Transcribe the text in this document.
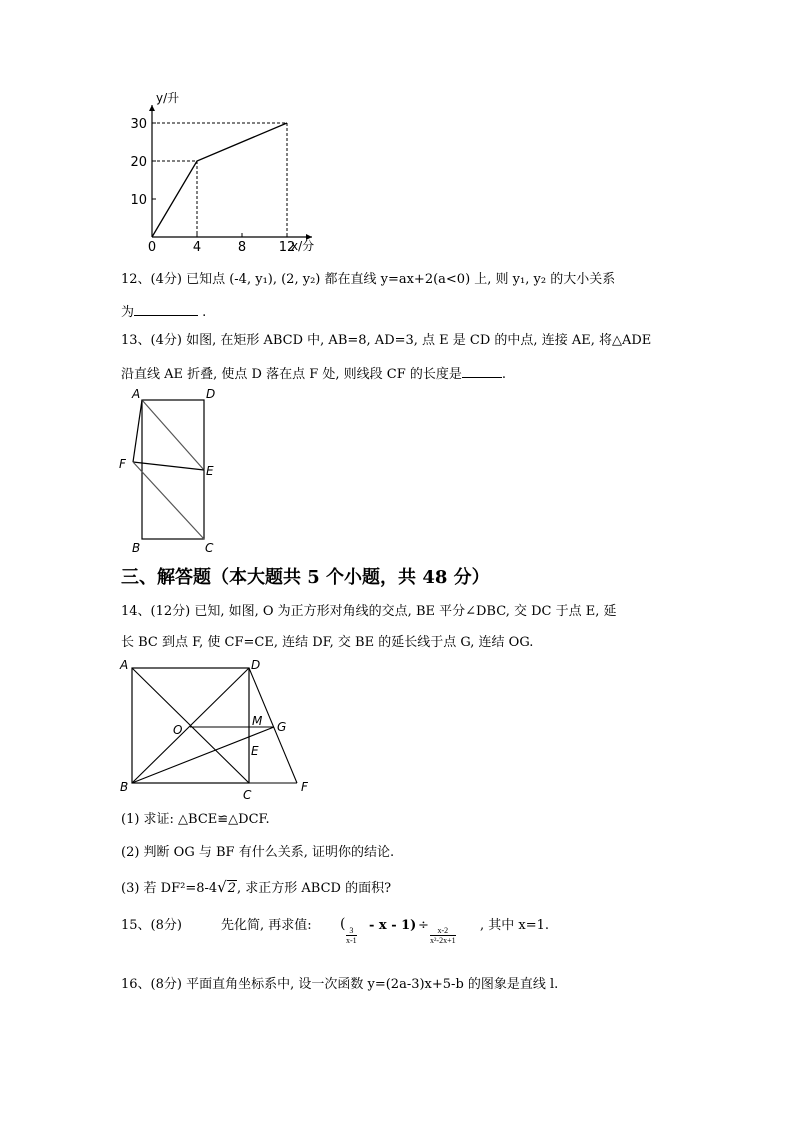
x/分
y/升
0	4	8	12
10
20
30
12、(4分) 已知点 (-4, y₁), (2, y₂) 都在直线 y=ax+2(a<0) 上, 则 y₁, y₂ 的大小关系
为	.
13、(4分) 如图, 在矩形 ABCD 中, AB=8, AD=3, 点 E 是 CD 的中点, 连接 AE, 将△ADE
沿直线 AE 折叠, 使点 D 落在点 F 处, 则线段 CF 的长度是	.
A	D
F	E
B	C
三、解答题（本大题共 5 个小题，共 48 分）
14、(12分) 已知, 如图, O 为正方形对角线的交点, BE 平分∠DBC, 交 DC 于点 E, 延
长 BC 到点 F, 使 CF=CE, 连结 DF, 交 BE 的延长线于点 G, 连结 OG.
A	D
O
M G
E
B
C
F
(1) 求证: △BCE≌△DCF.
(2) 判断 OG 与 BF 有什么关系, 证明你的结论.
(3) 若 DF²=8-4√2, 求正方形 ABCD 的面积?
15、(8分)	先化简, 再求值: (
$\frac{3}{x-1}$
- x - 1) ÷
$\frac{x-2}{\text{x²-2x+1}}$
, 其中 x=1.
16、(8分) 平面直角坐标系中, 设一次函数 y=(2a-3)x+5-b 的图象是直线 l.
